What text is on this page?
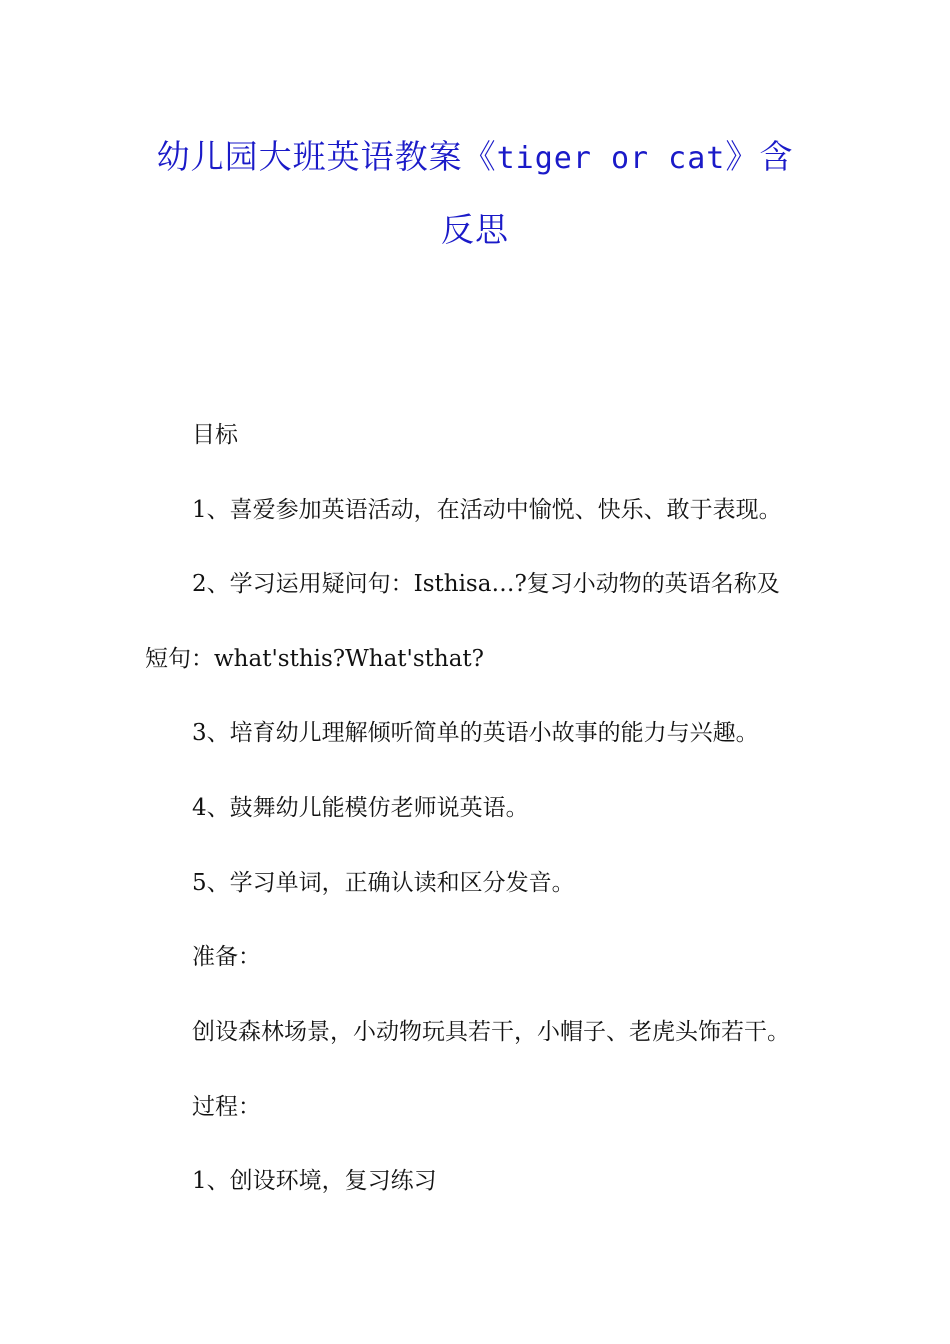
幼儿园大班英语教案《tiger or cat》含
反思
目标
1、喜爱参加英语活动，在活动中愉悦、快乐、敢于表现。
2、学习运用疑问句：Isthisa…?复习小动物的英语名称及
短句：what'sthis?What'sthat?
3、培育幼儿理解倾听简单的英语小故事的能力与兴趣。
4、鼓舞幼儿能模仿老师说英语。
5、学习单词，正确认读和区分发音。
准备：
创设森林场景，小动物玩具若干，小帽子、老虎头饰若干。
过程：
1、创设环境，复习练习
